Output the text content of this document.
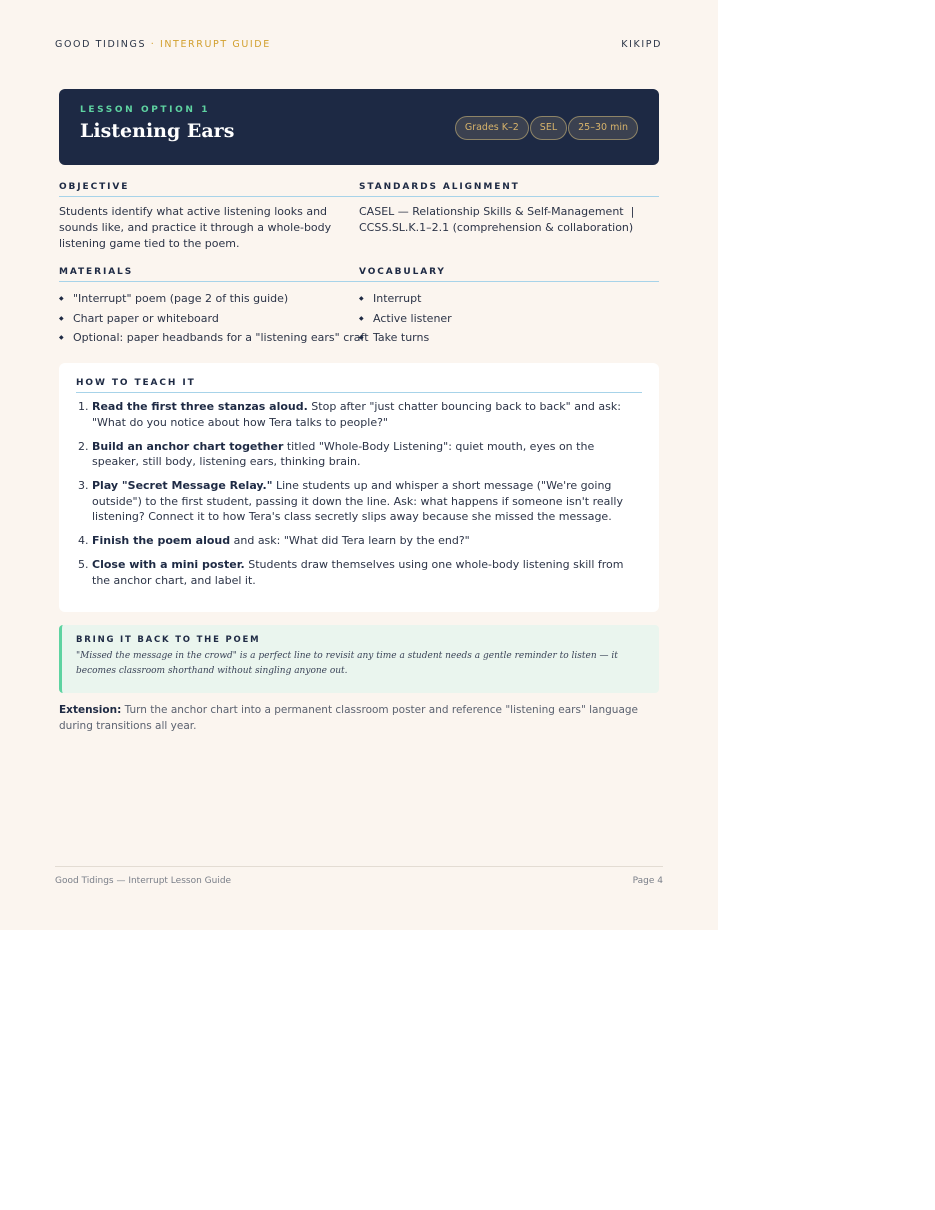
GOOD TIDINGS · INTERRUPT GUIDE	KIKIPD
LESSON OPTION 1
Listening Ears	Grades K–2	SEL	25–30 min
OBJECTIVE

Students identify what active listening looks and sounds like, and practice it through a whole-body listening game tied to the poem.

STANDARDS ALIGNMENT

CASEL — Relationship Skills & Self-Management  |  CCSS.SL.K.1–2.1 (comprehension & collaboration)

MATERIALS
◆ "Interrupt" poem (page 2 of this guide)
◆ Chart paper or whiteboard
◆ Optional: paper headbands for a "listening ears" craft
VOCABULARY
◆ Interrupt
◆ Active listener
◆ Take turns
HOW TO TEACH IT
1. Read the first three stanzas aloud. Stop after "just chatter bouncing back to back" and ask: "What do you notice about how Tera talks to people?"
2. Build an anchor chart together titled "Whole-Body Listening": quiet mouth, eyes on the speaker, still body, listening ears, thinking brain.
3. Play "Secret Message Relay." Line students up and whisper a short message ("We're going outside") to the first student, passing it down the line. Ask: what happens if someone isn't really listening? Connect it to how Tera's class secretly slips away because she missed the message.
4. Finish the poem aloud and ask: "What did Tera learn by the end?"
5. Close with a mini poster. Students draw themselves using one whole-body listening skill from the anchor chart, and label it.
BRING IT BACK TO THE POEM
"Missed the message in the crowd" is a perfect line to revisit any time a student needs a gentle reminder to listen — it becomes classroom shorthand without singling anyone out.
Extension: Turn the anchor chart into a permanent classroom poster and reference "listening ears" language during transitions all year.
Good Tidings — Interrupt Lesson Guide	Page 4
